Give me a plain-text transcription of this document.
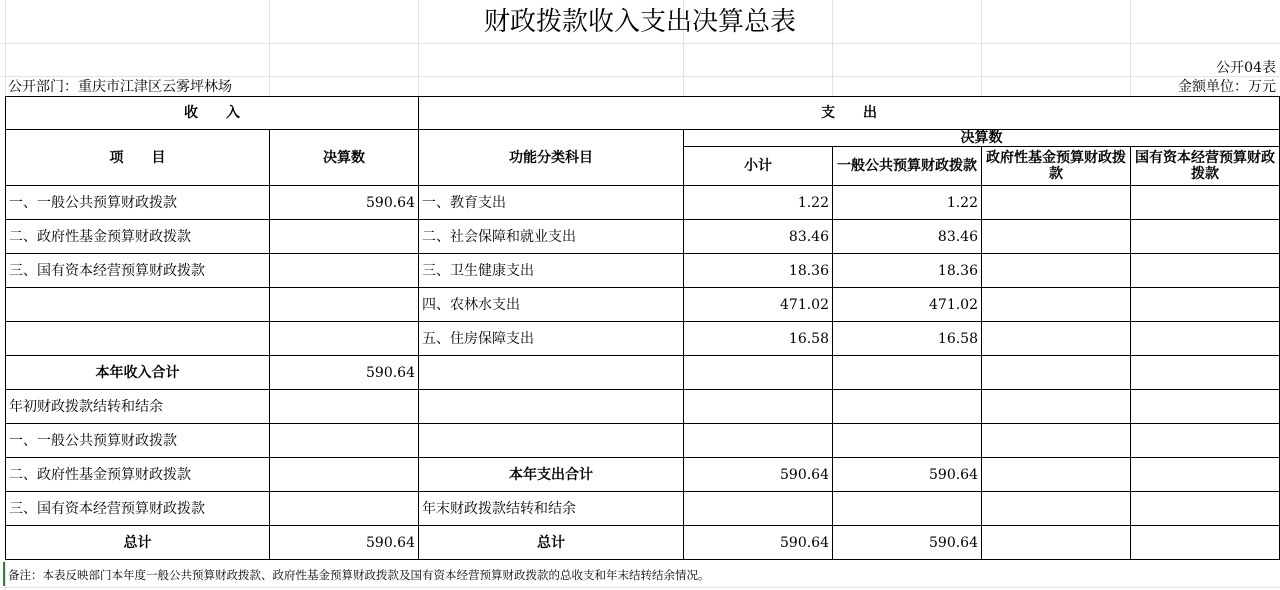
财政拨款收入支出决算总表
公开04表
公开部门：重庆市江津区云雾坪林场	金额单位：万元
收　　入		支　　出				
项　　目	决算数	功能分类科目	决算数			
			小计	一般公共预算财政拨款	政府性基金预算财政拨款	国有资本经营预算财政拨款
一、一般公共预算财政拨款	590.64	一、教育支出	1.22	1.22		
二、政府性基金预算财政拨款		二、社会保障和就业支出	83.46	83.46		
三、国有资本经营预算财政拨款		三、卫生健康支出	18.36	18.36		
		四、农林水支出	471.02	471.02		
		五、住房保障支出	16.58	16.58		
本年收入合计	590.64					
年初财政拨款结转和结余						
一、一般公共预算财政拨款						
二、政府性基金预算财政拨款		本年支出合计	590.64	590.64		
三、国有资本经营预算财政拨款		年末财政拨款结转和结余				
总计	590.64	总计	590.64	590.64		
备注：本表反映部门本年度一般公共预算财政拨款、政府性基金预算财政拨款及国有资本经营预算财政拨款的总收支和年末结转结余情况。
